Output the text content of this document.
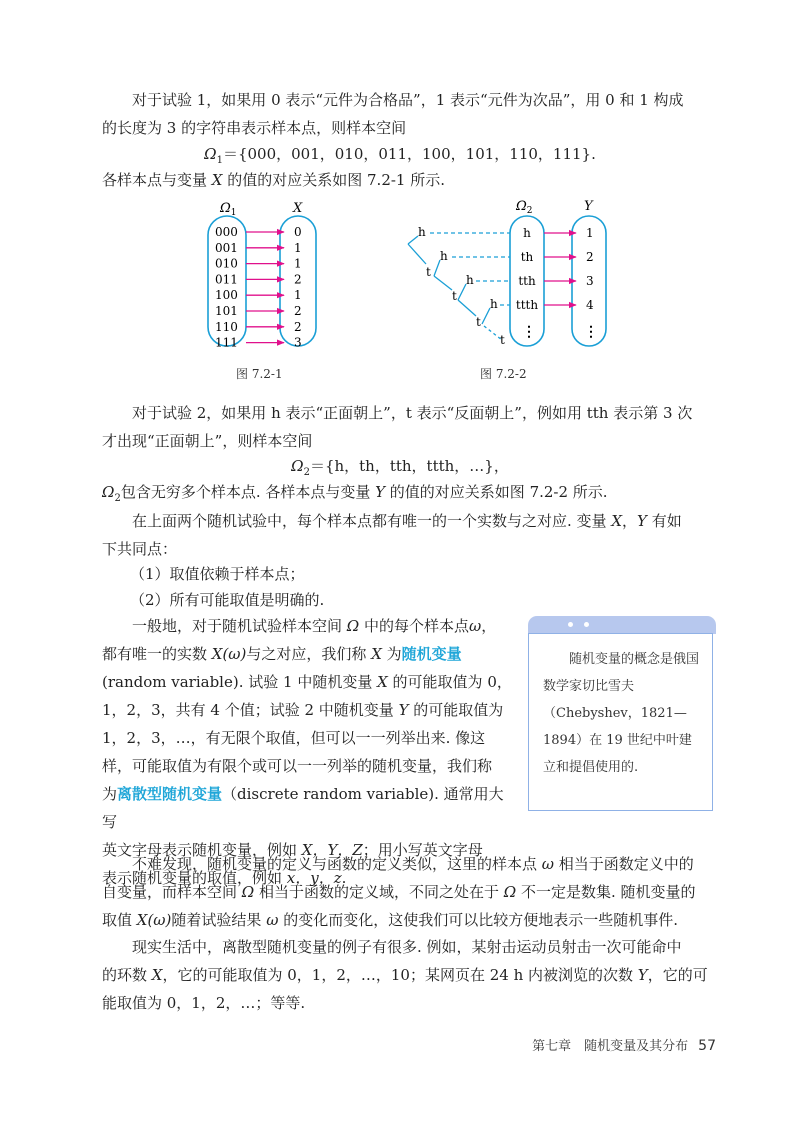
对于试验 1，如果用 0 表示“元件为合格品”，1 表示“元件为次品”，用 0 和 1 构成
的长度为 3 的字符串表示样本点，则样本空间

$\Omega_1=\{000$，001，010，011，100，101，110，111}.

各样本点与变量 X 的值的对应关系如图 7.2-1 所示.

$\Omega_1$	X
000	0
001	1
010	1
011	2
100	1
101	2
110	2
111	3
图 7.2-1
$\Omega_2$	Y
h
t
h
t
h
t
h
t
h	1
th	2
tth	3
ttth	4
⋮	⋮
图 7.2-2

对于试验 2，如果用 h 表示“正面朝上”，t 表示“反面朝上”，例如用 tth 表示第 3 次
才出现“正面朝上”，则样本空间

$\Omega_2=\{h$，th，tth，ttth，…}，

$\Omega_2$包含无穷多个样本点. 各样本点与变量 Y 的值的对应关系如图 7.2-2 所示.

在上面两个随机试验中，每个样本点都有唯一的一个实数与之对应. 变量 X，Y 有如
下共同点：

（1）取值依赖于样本点；

（2）所有可能取值是明确的.

一般地，对于随机试验样本空间 Ω 中的每个样本点ω，
都有唯一的实数 X(ω)与之对应，我们称 X 为随机变量
(random variable). 试验 1 中随机变量 X 的可能取值为 0，
1，2，3，共有 4 个值；试验 2 中随机变量 Y 的可能取值为
1，2，3，…，有无限个取值，但可以一一列举出来. 像这
样，可能取值为有限个或可以一一列举的随机变量，我们称
为离散型随机变量（discrete random variable). 通常用大写
英文字母表示随机变量，例如 X，Y，Z；用小写英文字母
表示随机变量的取值，例如 x，y，z.

随机变量的概念是俄国数学家切比雪夫（Chebyshev，1821—1894）在 19 世纪中叶建立和提倡使用的.

不难发现，随机变量的定义与函数的定义类似，这里的样本点 ω 相当于函数定义中的
自变量，而样本空间 Ω 相当于函数的定义域，不同之处在于 Ω 不一定是数集. 随机变量的
取值 X(ω)随着试验结果 ω 的变化而变化，这使我们可以比较方便地表示一些随机事件.

现实生活中，离散型随机变量的例子有很多. 例如，某射击运动员射击一次可能命中
的环数 X，它的可能取值为 0，1，2，…，10；某网页在 24 h 内被浏览的次数 Y，它的可
能取值为 0，1，2，…；等等.

第七章　随机变量及其分布 57
